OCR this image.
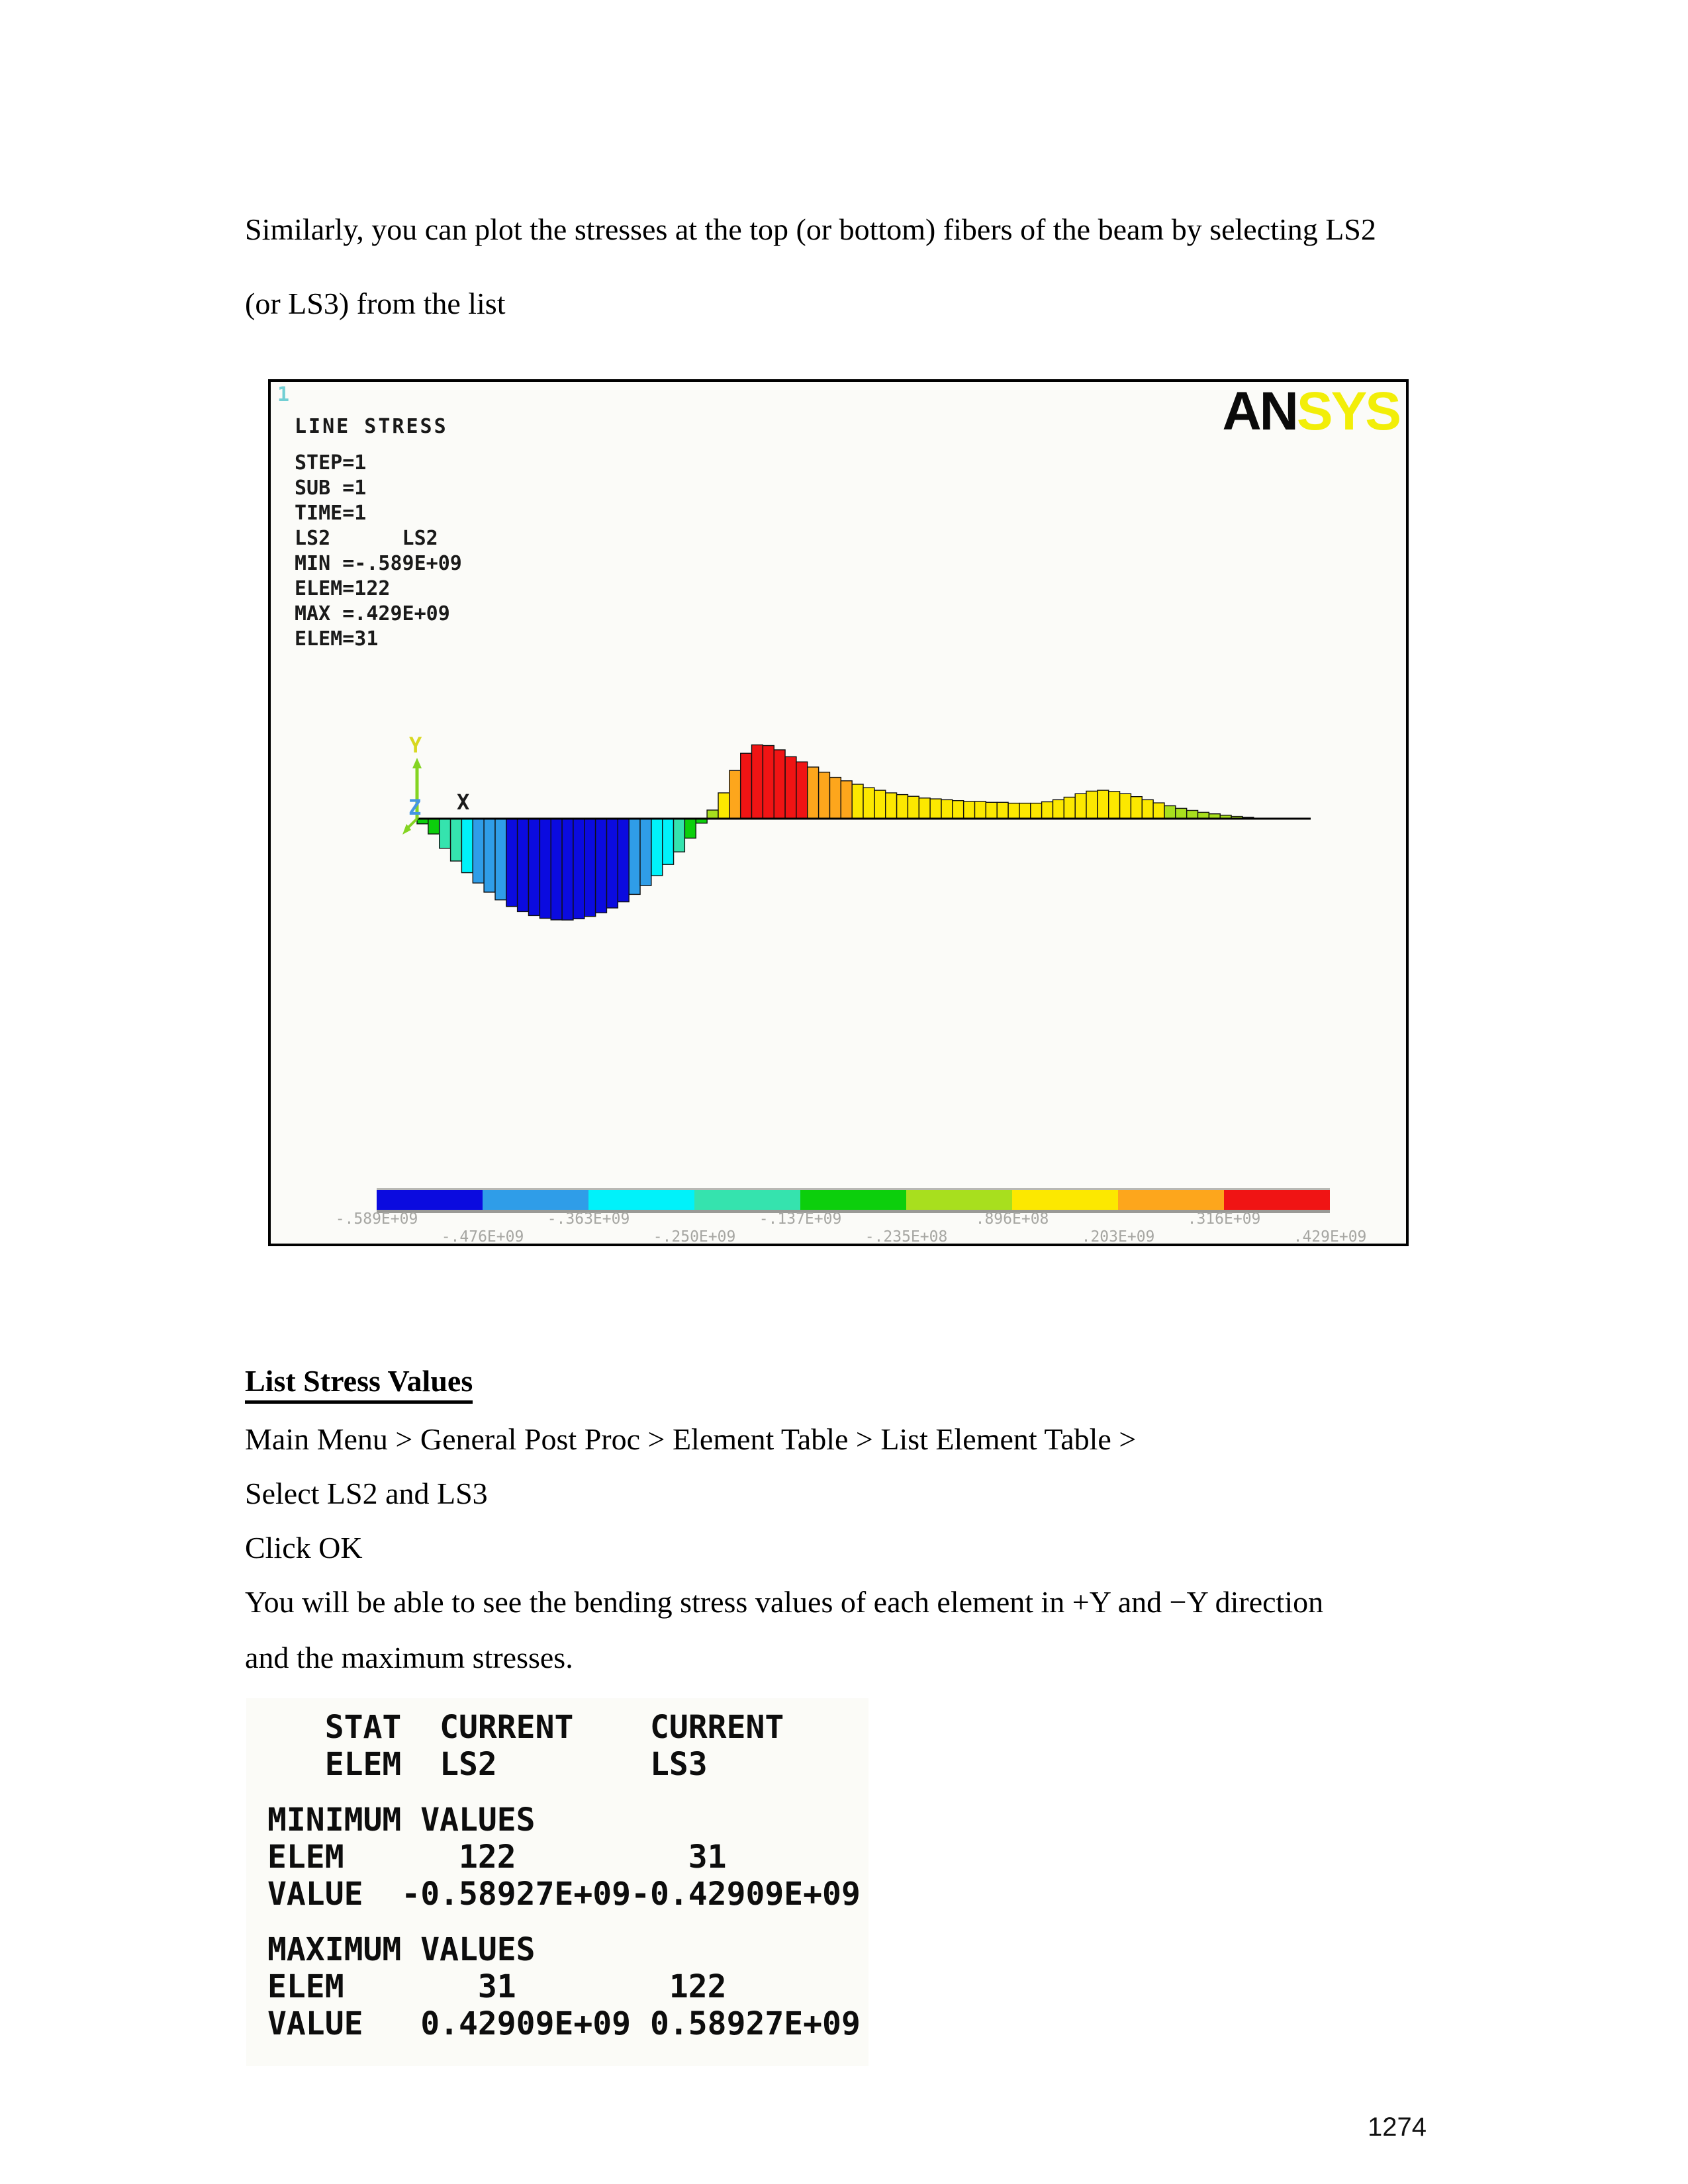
Similarly, you can plot the stresses at the top (or bottom) fibers of the beam by selecting LS2
(or LS3) from the list
1
LINE STRESS
STEP=1
SUB =1
TIME=1
LS2      LS2
MIN =-.589E+09
ELEM=122
MAX =.429E+09
ELEM=31
ANSYS
Y
Z X
-.589E+09
-.476E+09
-.363E+09
-.250E+09
-.137E+09
-.235E+08
.896E+08
.203E+09
.316E+09
.429E+09
List Stress Values
Main Menu > General Post Proc > Element Table > List Element Table >
Select LS2 and LS3
Click OK
You will be able to see the bending stress values of each element in +Y and −Y direction
and the maximum stresses.
STAT  CURRENT    CURRENT
ELEM  LS2        LS3
MINIMUM VALUES
ELEM      122         31
VALUE  -0.58927E+09-0.42909E+09
MAXIMUM VALUES
ELEM       31        122
VALUE   0.42909E+09 0.58927E+09
1274
